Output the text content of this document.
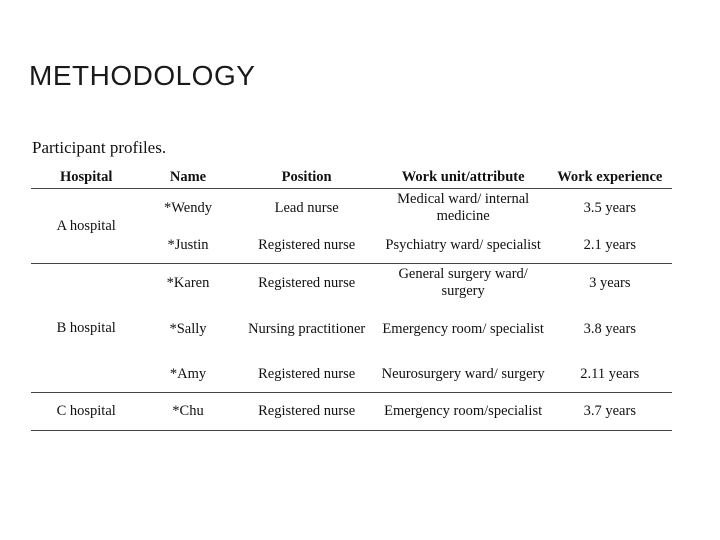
METHODOLOGY
Participant profiles.
Hospital	Name	Position	Work unit/attribute	Work experience
A hospital	*Wendy	Lead nurse	Medical ward/ internal medicine	3.5 years
	*Justin	Registered nurse	Psychiatry ward/ specialist	2.1 years
B hospital	*Karen	Registered nurse	General surgery ward/ surgery	3 years
	*Sally	Nursing practitioner	Emergency room/ specialist	3.8 years
	*Amy	Registered nurse	Neurosurgery ward/ surgery	2.11 years
C hospital	*Chu	Registered nurse	Emergency room/specialist	3.7 years
